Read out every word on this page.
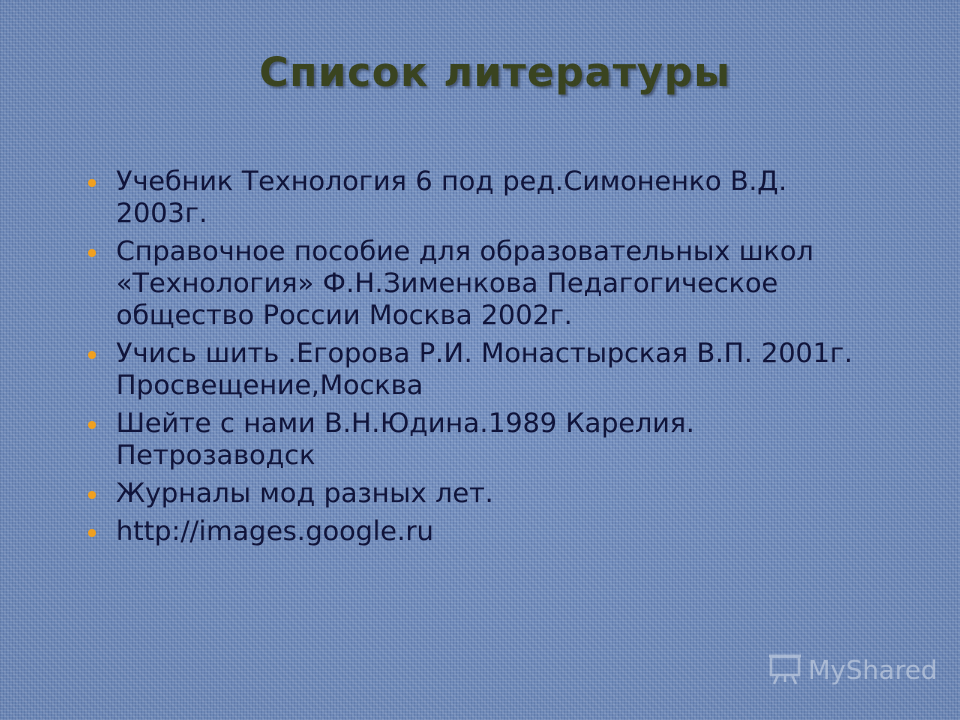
Список литературы
Учебник Технология 6 под ред.Симоненко В.Д. 2003г.
Справочное пособие для образовательных школ «Технология» Ф.Н.Зименкова Педагогическое общество России Москва 2002г.
Учись шить .Егорова Р.И. Монастырская В.П. 2001г. Просвещение,Москва
Шейте с нами В.Н.Юдина.1989 Карелия. Петрозаводск
Журналы мод разных лет.
http://images.google.ru
MyShared
